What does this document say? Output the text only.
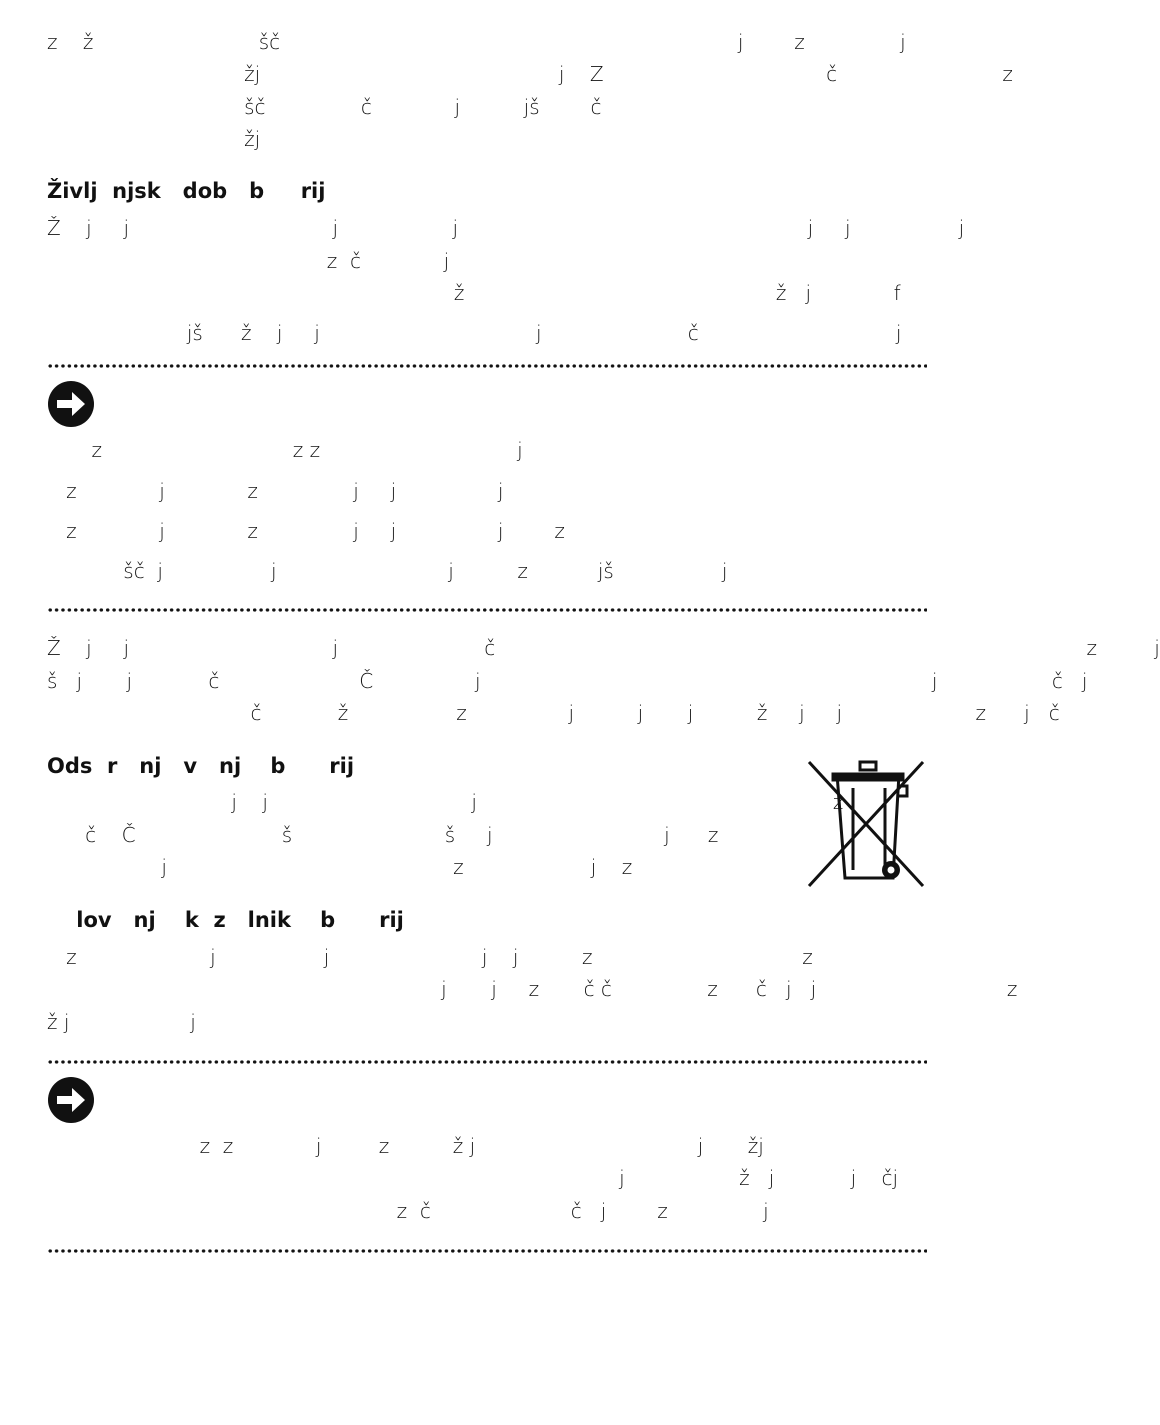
z    ž                          šč                                                                        j        z               j
žj                                               j    Z                                   č                          z
šč               č             j          jš        č
žj
Življ  njsk   dob   b     rij
Ž    j     j                                j                  j                                                       j     j                 j
z  č             j
ž                                                 ž   j             f
jš      ž    j     j                                  j                       č                               j
z                              z z                               j
z             j             z               j     j                j
z             j             z               j     j                j        z
šč  j                 j                           j          z           jš                 j
Ž    j     j                                j                       č                                                                                             z         j
š   j       j            č                      Č                j                                                                       j                  č   j
č            ž                 z                j          j       j          ž     j     j                     z      j   č
Ods  r   nj   v   nj    b      rij
j    j                                j                                                        z
č    Č                       š                        š     j                           j      z
j                                             z                    j    z
lov   nj    k  z   lnik    b      rij
z                     j                 j                        j    j          z                                 z
j       j     z       č č               z      č   j   j                              z
ž j                   j
z  z             j         z          ž j                                   j       žj
j                  ž   j            j    čj
z  č                      č   j        z               j
